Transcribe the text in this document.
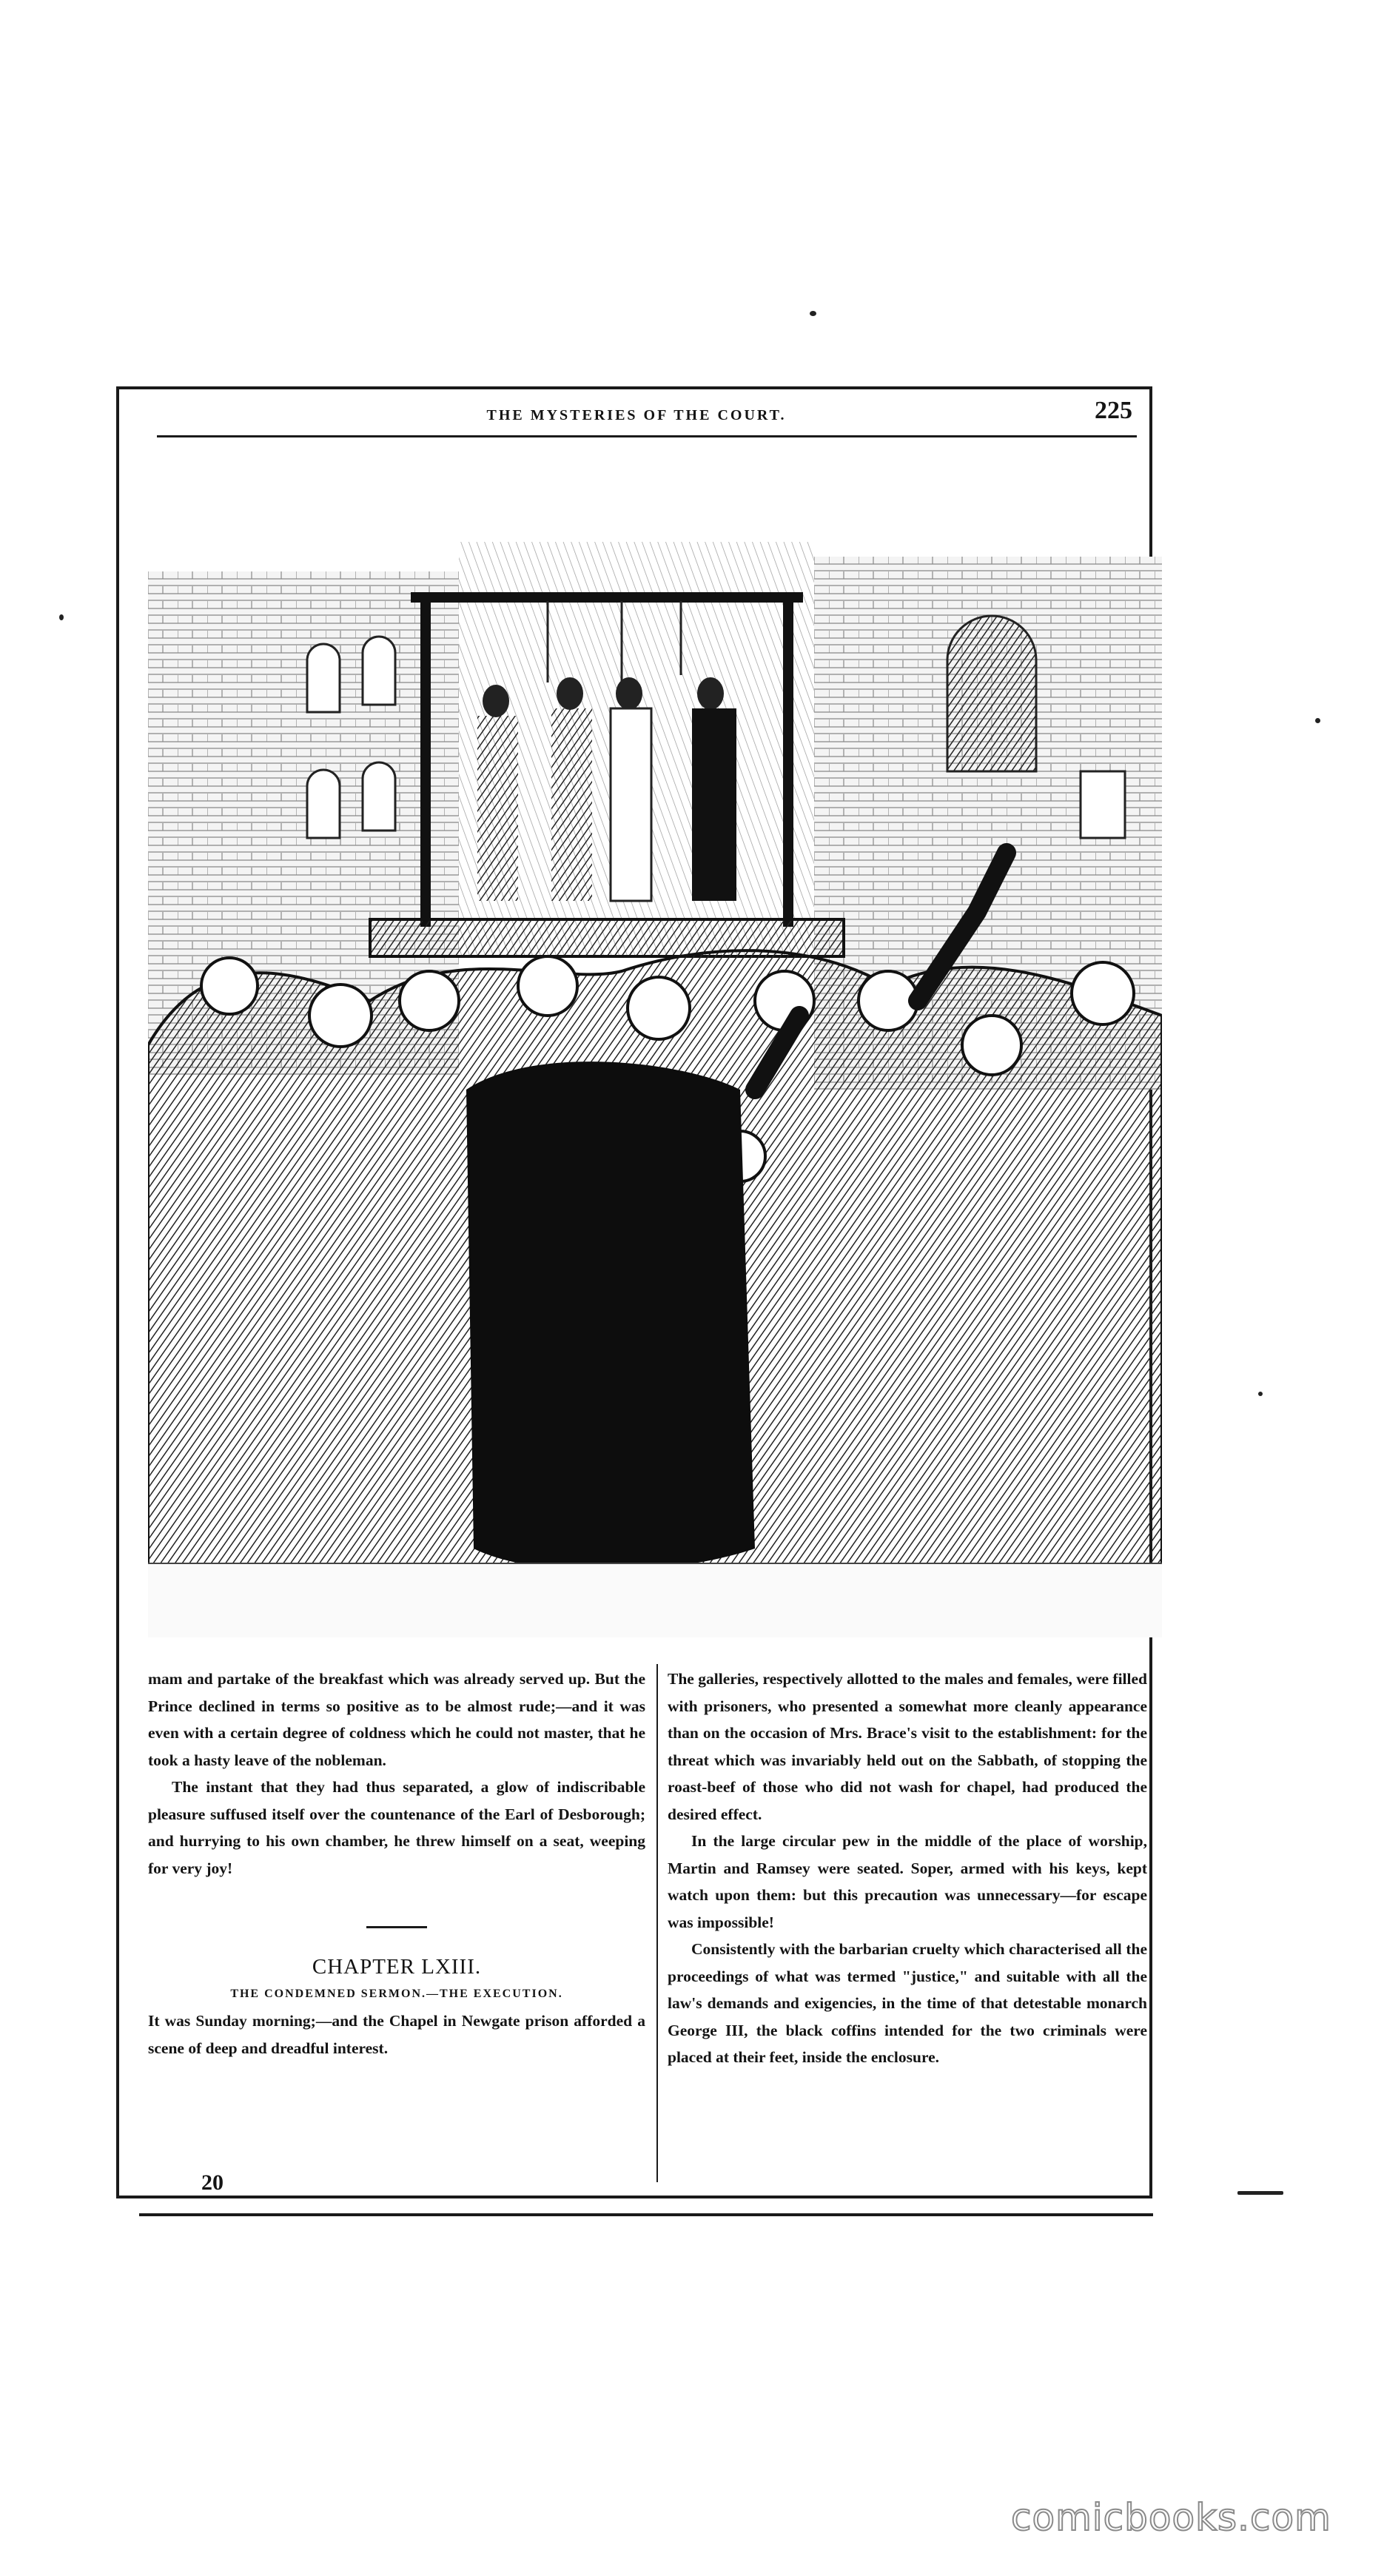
THE MYSTERIES OF THE COURT.	225

mam and partake of the breakfast which was already served up. But the Prince declined in terms so positive as to be almost rude;—and it was even with a certain degree of coldness which he could not master, that he took a hasty leave of the nobleman.

The instant that they had thus separated, a glow of indiscribable pleasure suffused itself over the countenance of the Earl of Desborough; and hurrying to his own chamber, he threw himself on a seat, weeping for very joy!

CHAPTER LXIII.

THE CONDEMNED SERMON.—THE EXECUTION.

It was Sunday morning;—and the Chapel in Newgate prison afforded a scene of deep and dreadful interest.

The galleries, respectively allotted to the males and females, were filled with prisoners, who presented a somewhat more cleanly appearance than on the occasion of Mrs. Brace's visit to the establishment: for the threat which was invariably held out on the Sabbath, of stopping the roast-beef of those who did not wash for chapel, had produced the desired effect.

In the large circular pew in the middle of the place of worship, Martin and Ramsey were seated. Soper, armed with his keys, kept watch upon them: but this precaution was unnecessary—for escape was impossible!

Consistently with the barbarian cruelty which characterised all the proceedings of what was termed "justice," and suitable with all the law's demands and exigencies, in the time of that detestable monarch George III, the black coffins intended for the two criminals were placed at their feet, inside the enclosure.

20
comicbooks.com
